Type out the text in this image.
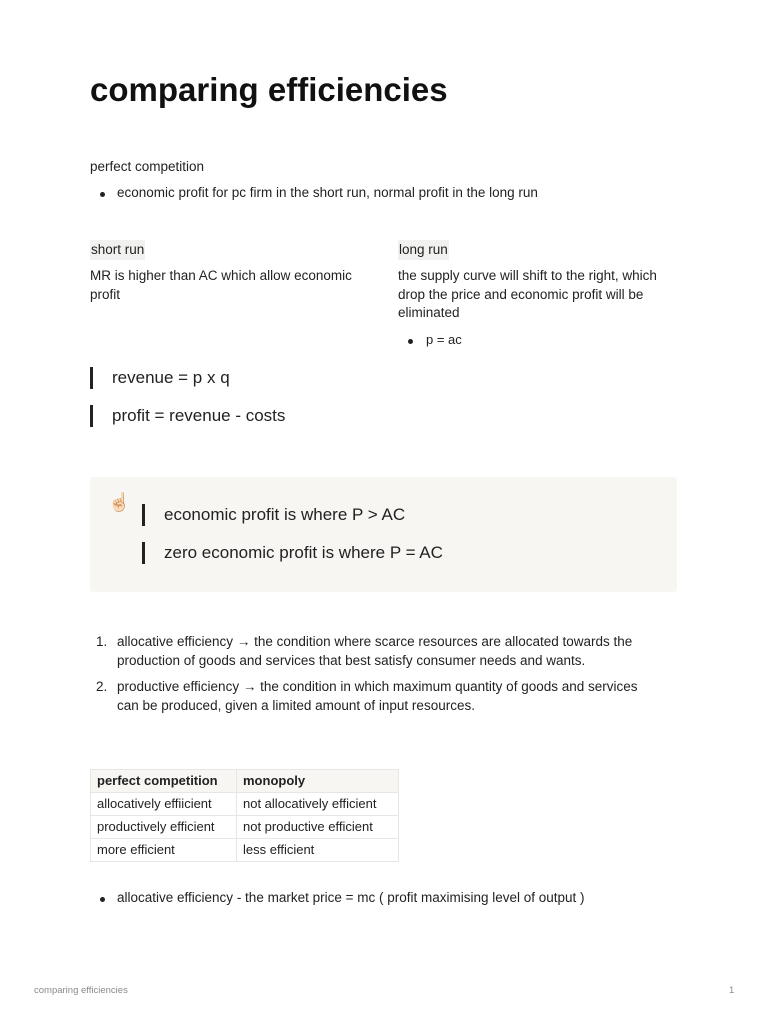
comparing efficiencies
perfect competition
economic profit for pc firm in the short run, normal profit in the long run
short run
MR is higher than AC which allow economic profit
long run
the supply curve will shift to the right, which drop the price and economic profit will be eliminated
p = ac
revenue = p x q
profit = revenue - costs
☝🏻
economic profit is where P > AC
zero economic profit is where P = AC
1. allocative efficiency → the condition where scarce resources are allocated towards the production of goods and services that best satisfy consumer needs and wants.
2. productive efficiency → the condition in which maximum quantity of goods and services can be produced, given a limited amount of input resources.
perfect competition	monopoly
allocatively effiicient	not allocatively efficient
productively efficient	not productive efficient
more efficient	less efficient
allocative efficiency - the market price = mc ( profit maximising level of output )
comparing efficiencies	1
